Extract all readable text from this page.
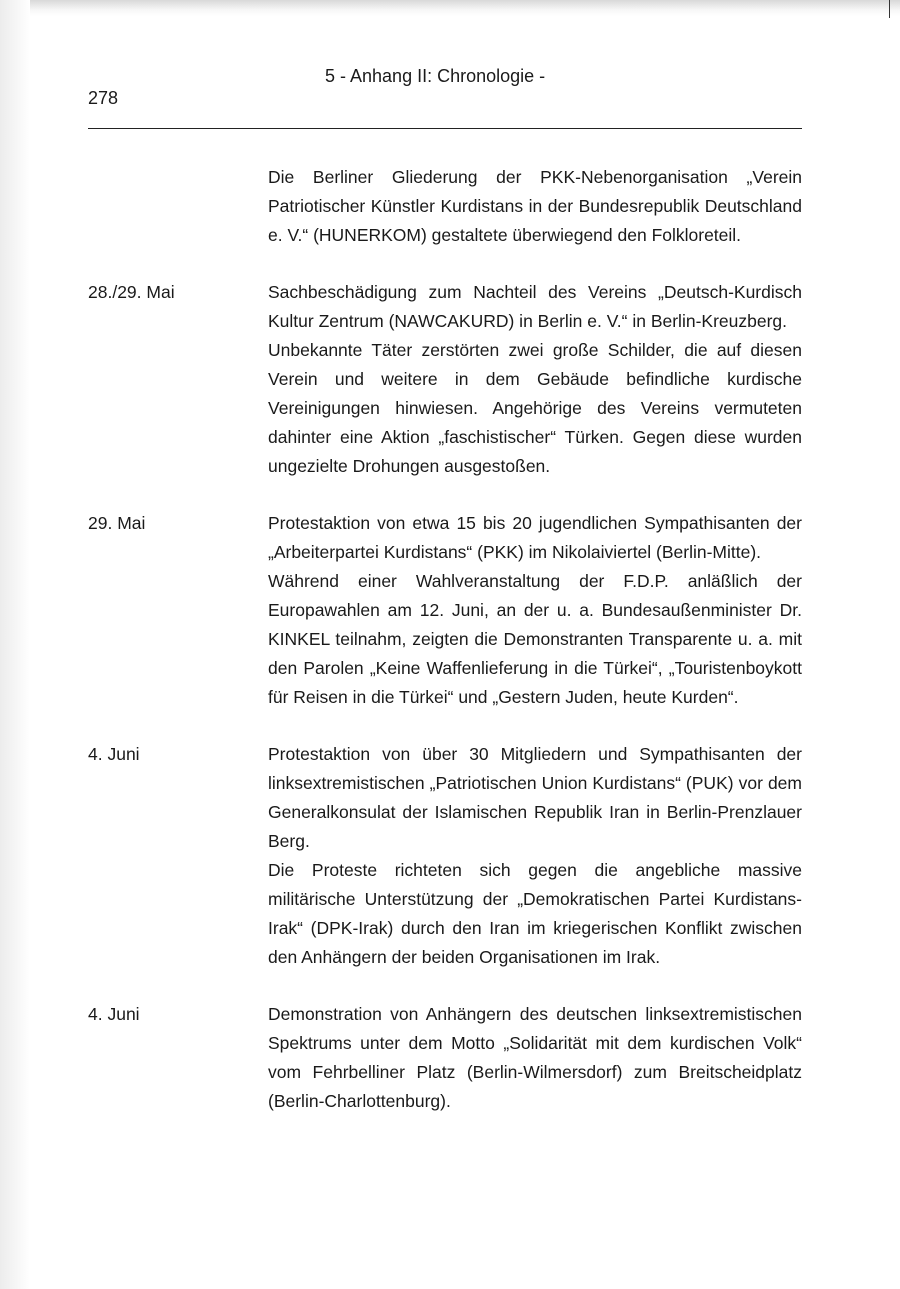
278
5 - Anhang II: Chronologie -

Die Berliner Gliederung der PKK-Nebenorganisation „Verein Patriotischer Künstler Kurdistans in der Bundesrepublik Deutschland e. V.“ (HUNERKOM) gestaltete überwiegend den Folkloreteil.

28./29. Mai	Sachbeschädigung zum Nachteil des Vereins „Deutsch-Kurdisch Kultur Zentrum (NAWCAKURD) in Berlin e. V.“ in Berlin-Kreuzberg.

Unbekannte Täter zerstörten zwei große Schilder, die auf diesen Verein und weitere in dem Gebäude befindliche kurdische Vereinigungen hinwiesen. Angehörige des Vereins vermuteten dahinter eine Aktion „faschistischer“ Türken. Gegen diese wurden ungezielte Drohungen ausgestoßen.

29. Mai	Protestaktion von etwa 15 bis 20 jugendlichen Sympathisanten der „Arbeiterpartei Kurdistans“ (PKK) im Nikolaiviertel (Berlin-Mitte).

Während einer Wahlveranstaltung der F.D.P. anläßlich der Europawahlen am 12. Juni, an der u. a. Bundesaußenminister Dr. KINKEL teilnahm, zeigten die Demonstranten Transparente u. a. mit den Parolen „Keine Waffenlieferung in die Türkei“, „Touristenboykott für Reisen in die Türkei“ und „Gestern Juden, heute Kurden“.

4. Juni	Protestaktion von über 30 Mitgliedern und Sympathisanten der linksextremistischen „Patriotischen Union Kurdistans“ (PUK) vor dem Generalkonsulat der Islamischen Republik Iran in Berlin-Prenzlauer Berg.

Die Proteste richteten sich gegen die angebliche massive militärische Unterstützung der „Demokratischen Partei Kurdistans-Irak“ (DPK-Irak) durch den Iran im kriegerischen Konflikt zwischen den Anhängern der beiden Organisationen im Irak.

4. Juni	Demonstration von Anhängern des deutschen linksextremistischen Spektrums unter dem Motto „Solidarität mit dem kurdischen Volk“ vom Fehrbelliner Platz (Berlin-Wilmersdorf) zum Breitscheidplatz (Berlin-Charlottenburg).
